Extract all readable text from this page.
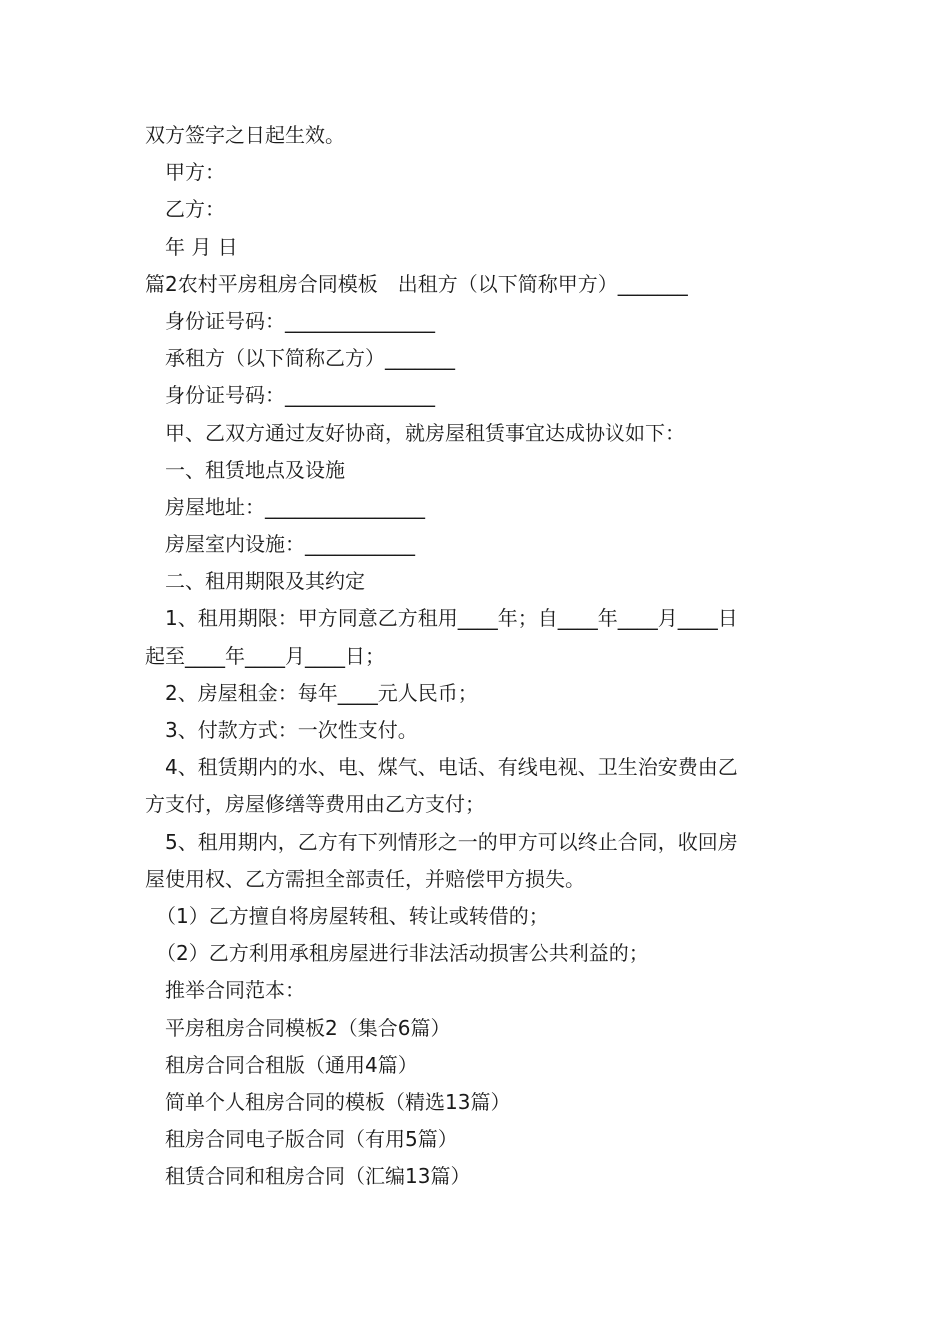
双方签字之日起生效。
甲方：
乙方：
年 月 日
篇2农村平房租房合同模板　出租方（以下简称甲方）_______
身份证号码：_______________
承租方（以下简称乙方）_______
身份证号码：_______________
甲、乙双方通过友好协商，就房屋租赁事宜达成协议如下：
一、租赁地点及设施
房屋地址：________________
房屋室内设施：___________
二、租用期限及其约定
1、租用期限：甲方同意乙方租用____年；自____年____月____日
起至____年____月____日；
2、房屋租金：每年____元人民币；
3、付款方式：一次性支付。
4、租赁期内的水、电、煤气、电话、有线电视、卫生治安费由乙
方支付，房屋修缮等费用由乙方支付；
5、租用期内，乙方有下列情形之一的甲方可以终止合同，收回房
屋使用权、乙方需担全部责任，并赔偿甲方损失。
（1）乙方擅自将房屋转租、转让或转借的；
（2）乙方利用承租房屋进行非法活动损害公共利益的；
推举合同范本：
平房租房合同模板2（集合6篇）
租房合同合租版（通用4篇）
简单个人租房合同的模板（精选13篇）
租房合同电子版合同（有用5篇）
租赁合同和租房合同（汇编13篇）
